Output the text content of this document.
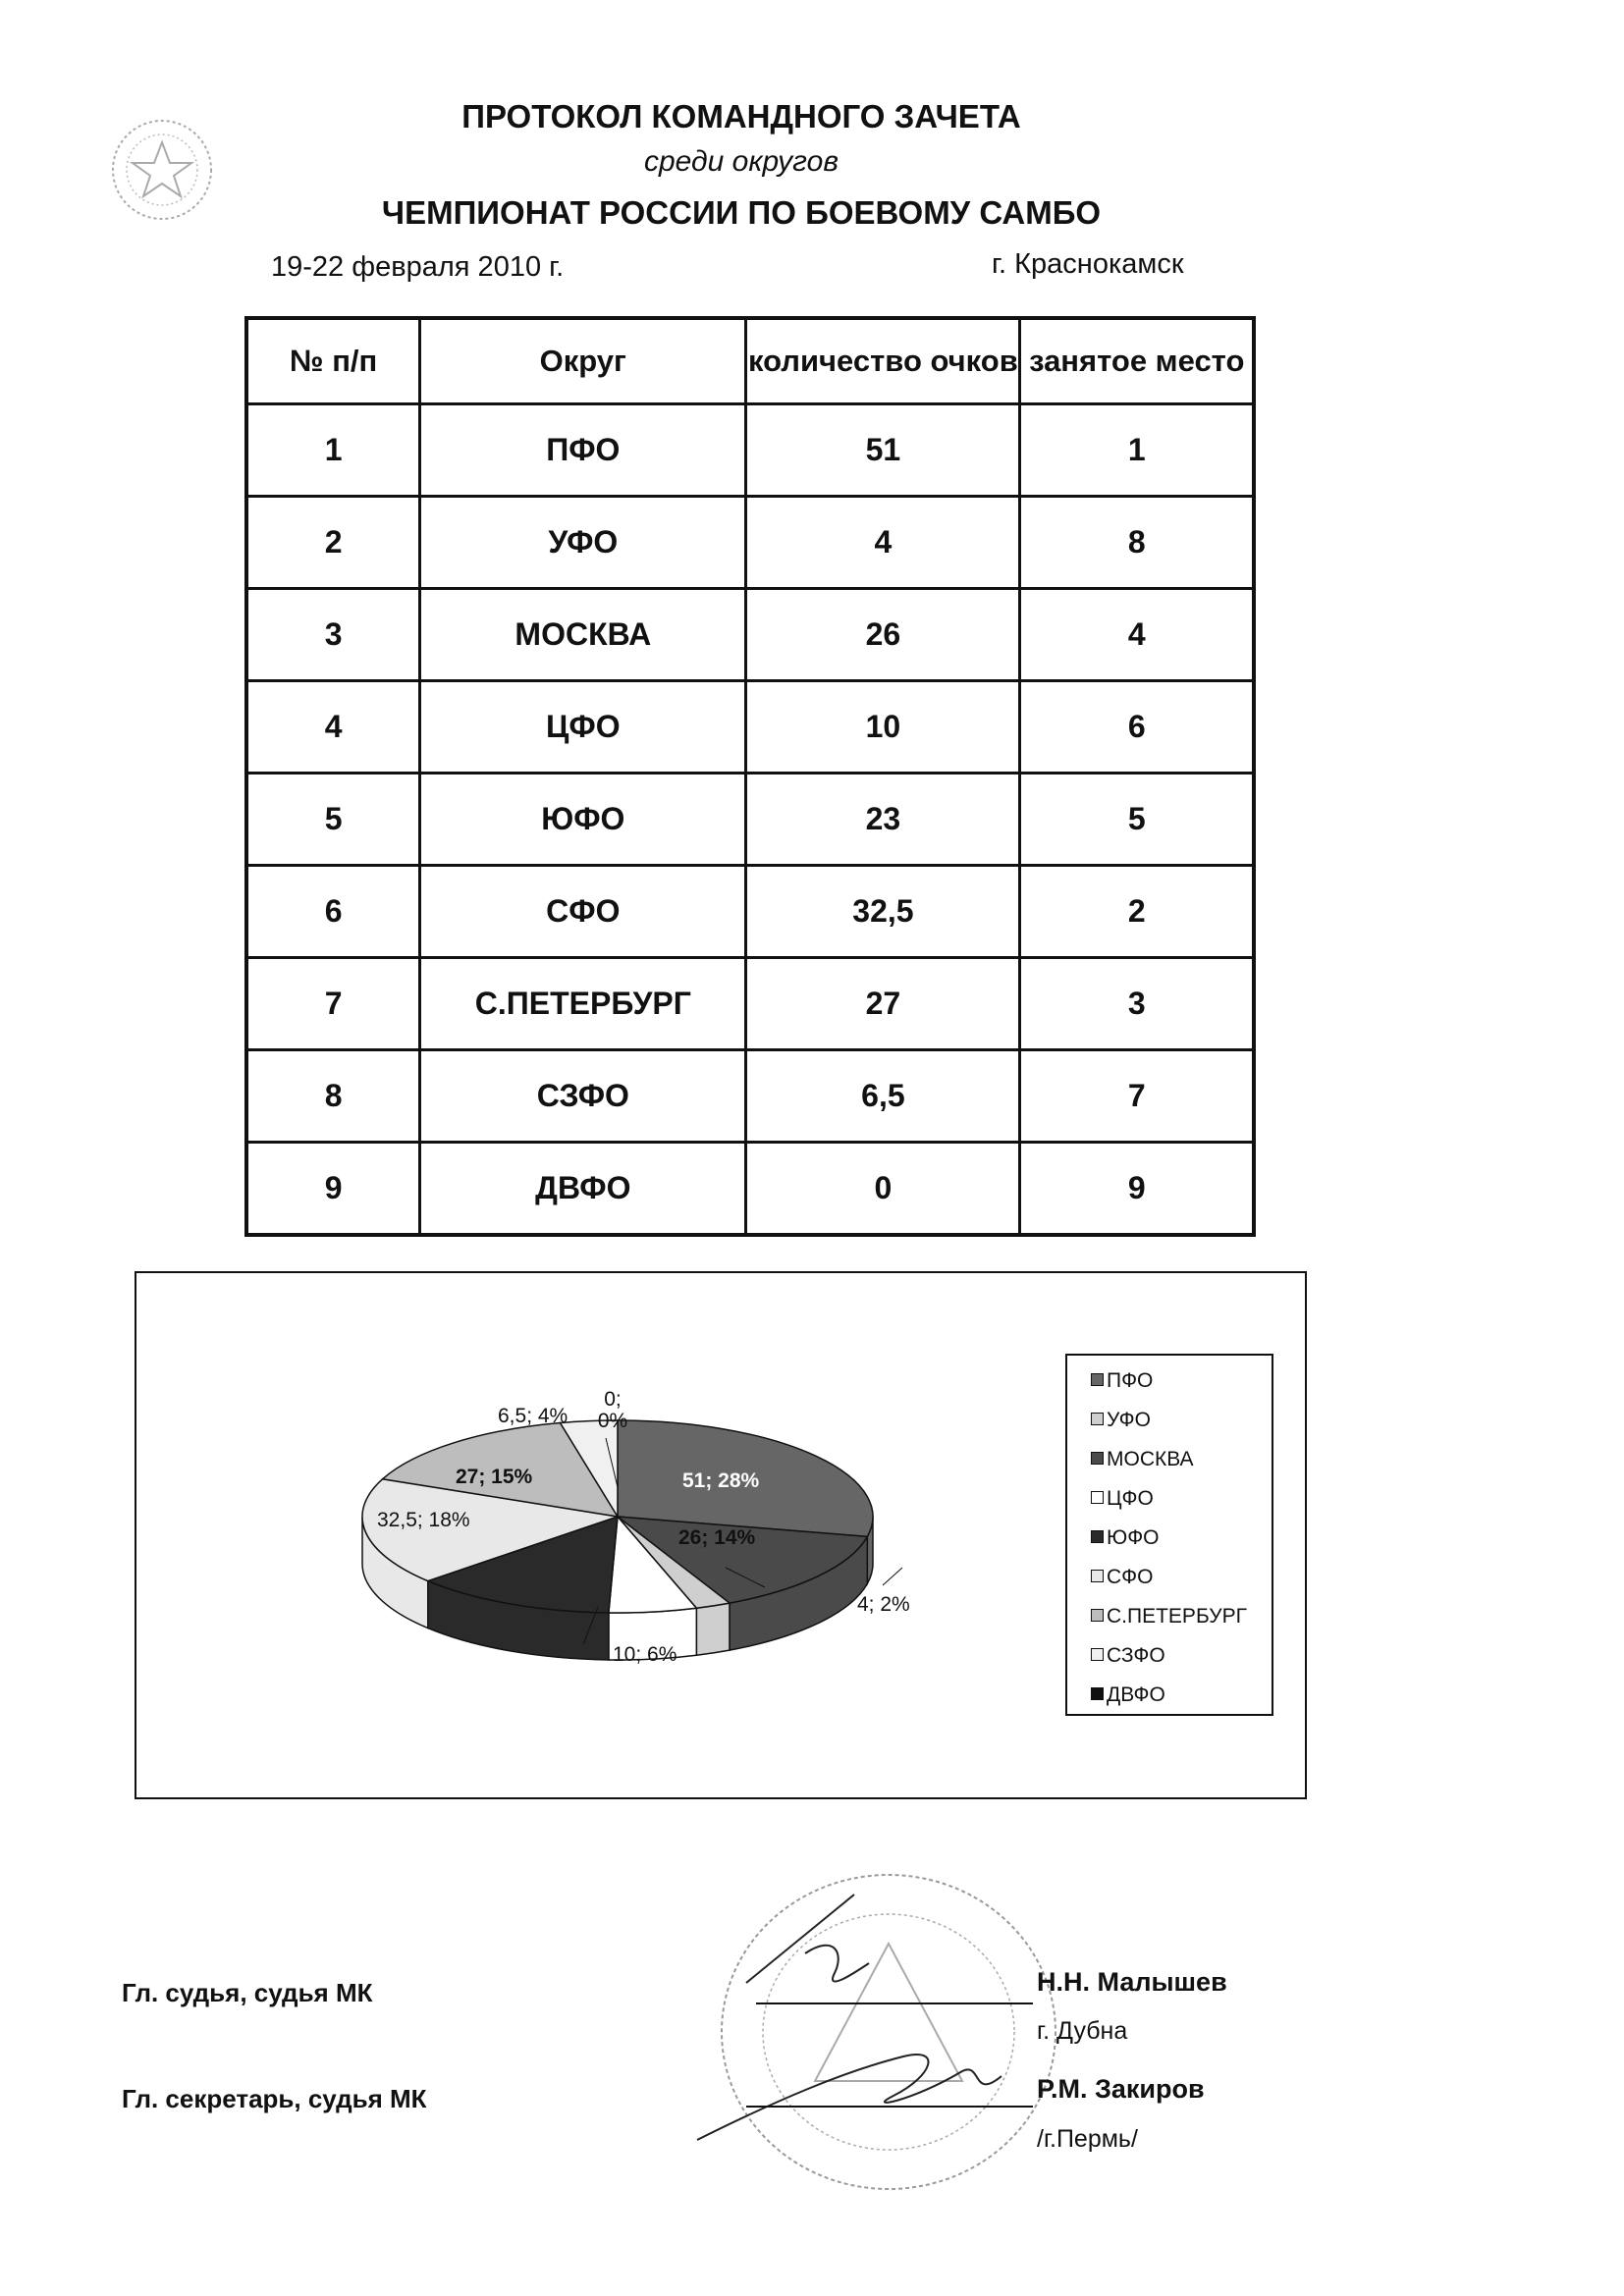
ПРОТОКОЛ КОМАНДНОГО ЗАЧЕТА
среди округов
ЧЕМПИОНАТ РОССИИ ПО БОЕВОМУ САМБО
19-22 февраля 2010 г.	г. Краснокамск
№ п/п	Округ	количество очков	занятое место
1	ПФО	51	1
2	УФО	4	8
3	МОСКВА	26	4
4	ЦФО	10	6
5	ЮФО	23	5
6	СФО	32,5	2
7	С.ПЕТЕРБУРГ	27	3
8	СЗФО	6,5	7
9	ДВФО	0	9
6,5; 4%
0; 0%
32,5; 18%
27; 15%	51; 28%
26; 14%
4; 2%
10; 6%
ПФО
УФО
МОСКВА
ЦФО
ЮФО
СФО
С.ПЕТЕРБУРГ
СЗФО
ДВФО
Гл. судья, судья МК	Н.Н. Малышев
г. Дубна
Гл. секретарь, судья МК	Р.М. Закиров
/г.Пермь/
